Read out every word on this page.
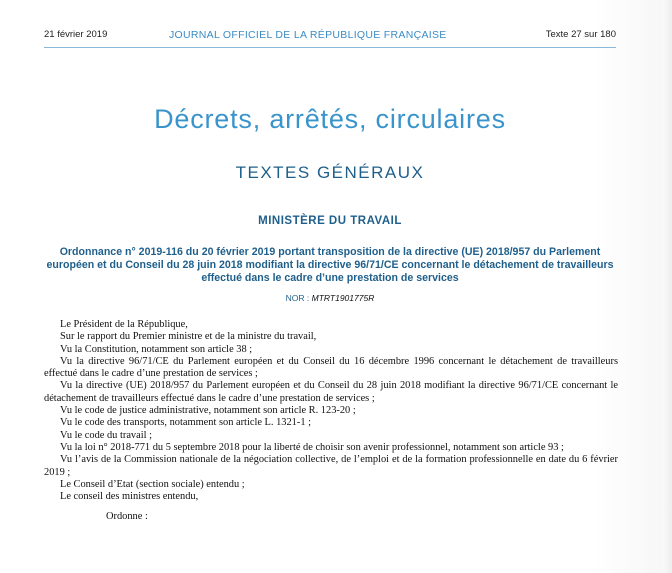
21 février 2019	JOURNAL OFFICIEL DE LA RÉPUBLIQUE FRANÇAISE	Texte 27 sur 180
Décrets, arrêtés, circulaires
TEXTES GÉNÉRAUX
MINISTÈRE DU TRAVAIL
Ordonnance n° 2019-116 du 20 février 2019 portant transposition de la directive (UE) 2018/957 du Parlement européen et du Conseil du 28 juin 2018 modifiant la directive 96/71/CE concernant le détachement de travailleurs effectué dans le cadre d’une prestation de services
NOR : MTRT1901775R

Le Président de la République,

Sur le rapport du Premier ministre et de la ministre du travail,

Vu la Constitution, notamment son article 38 ;

Vu la directive 96/71/CE du Parlement européen et du Conseil du 16 décembre 1996 concernant le détachement de travailleurs effectué dans le cadre d’une prestation de services ;

Vu la directive (UE) 2018/957 du Parlement européen et du Conseil du 28 juin 2018 modifiant la directive 96/71/CE concernant le détachement de travailleurs effectué dans le cadre d’une prestation de services ;

Vu le code de justice administrative, notamment son article R. 123-20 ;

Vu le code des transports, notamment son article L. 1321-1 ;

Vu le code du travail ;

Vu la loi n° 2018-771 du 5 septembre 2018 pour la liberté de choisir son avenir professionnel, notamment son article 93 ;

Vu l’avis de la Commission nationale de la négociation collective, de l’emploi et de la formation professionnelle en date du 6 février 2019 ;

Le Conseil d’Etat (section sociale) entendu ;

Le conseil des ministres entendu,

Ordonne :
